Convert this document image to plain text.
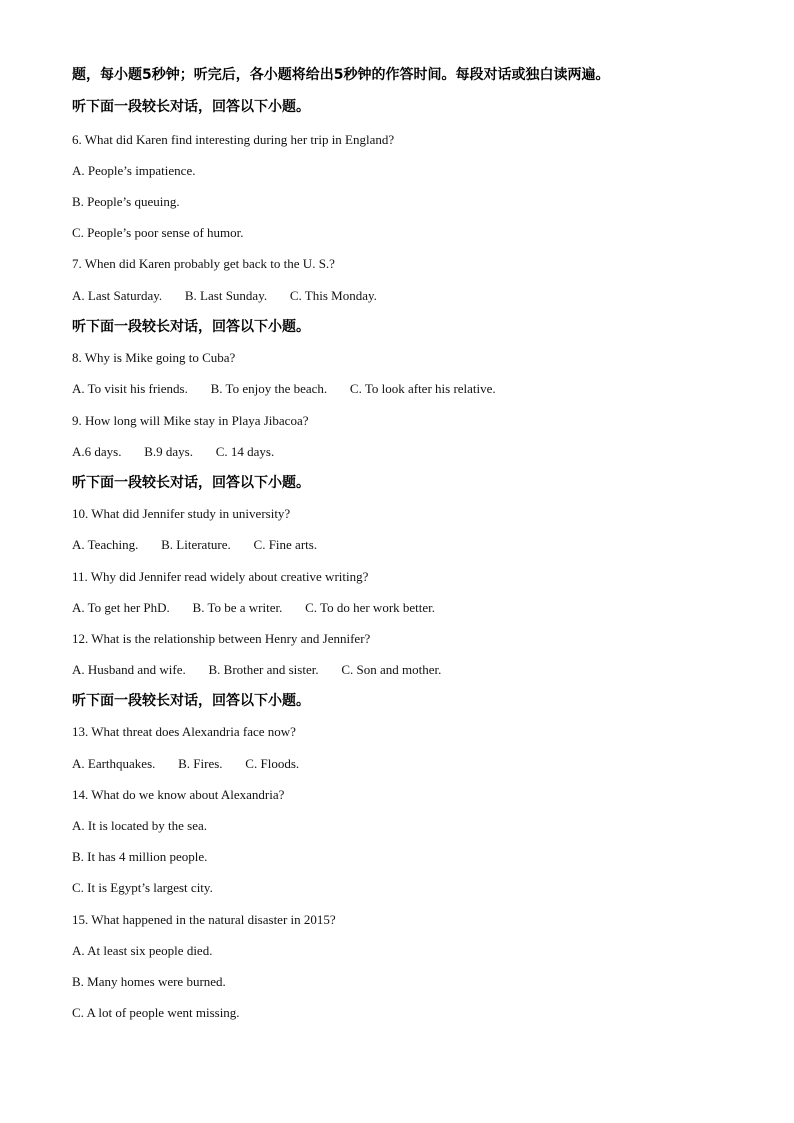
题，每小题5秒钟；听完后，各小题将给出5秒钟的作答时间。每段对话或独白读两遍。
听下面一段较长对话，回答以下小题。
6. What did Karen find interesting during her trip in England?
A. People’s impatience.
B. People’s queuing.
C. People’s poor sense of humor.
7. When did Karen probably get back to the U. S.?
A. Last Saturday.       B. Last Sunday.       C. This Monday.
听下面一段较长对话，回答以下小题。
8. Why is Mike going to Cuba?
A. To visit his friends.       B. To enjoy the beach.       C. To look after his relative.
9. How long will Mike stay in Playa Jibacoa?
A.6 days.       B.9 days.       C. 14 days.
听下面一段较长对话，回答以下小题。
10. What did Jennifer study in university?
A. Teaching.       B. Literature.       C. Fine arts.
11. Why did Jennifer read widely about creative writing?
A. To get her PhD.       B. To be a writer.       C. To do her work better.
12. What is the relationship between Henry and Jennifer?
A. Husband and wife.       B. Brother and sister.       C. Son and mother.
听下面一段较长对话，回答以下小题。
13. What threat does Alexandria face now?
A. Earthquakes.       B. Fires.       C. Floods.
14. What do we know about Alexandria?
A. It is located by the sea.
B. It has 4 million people.
C. It is Egypt’s largest city.
15. What happened in the natural disaster in 2015?
A. At least six people died.
B. Many homes were burned.
C. A lot of people went missing.
